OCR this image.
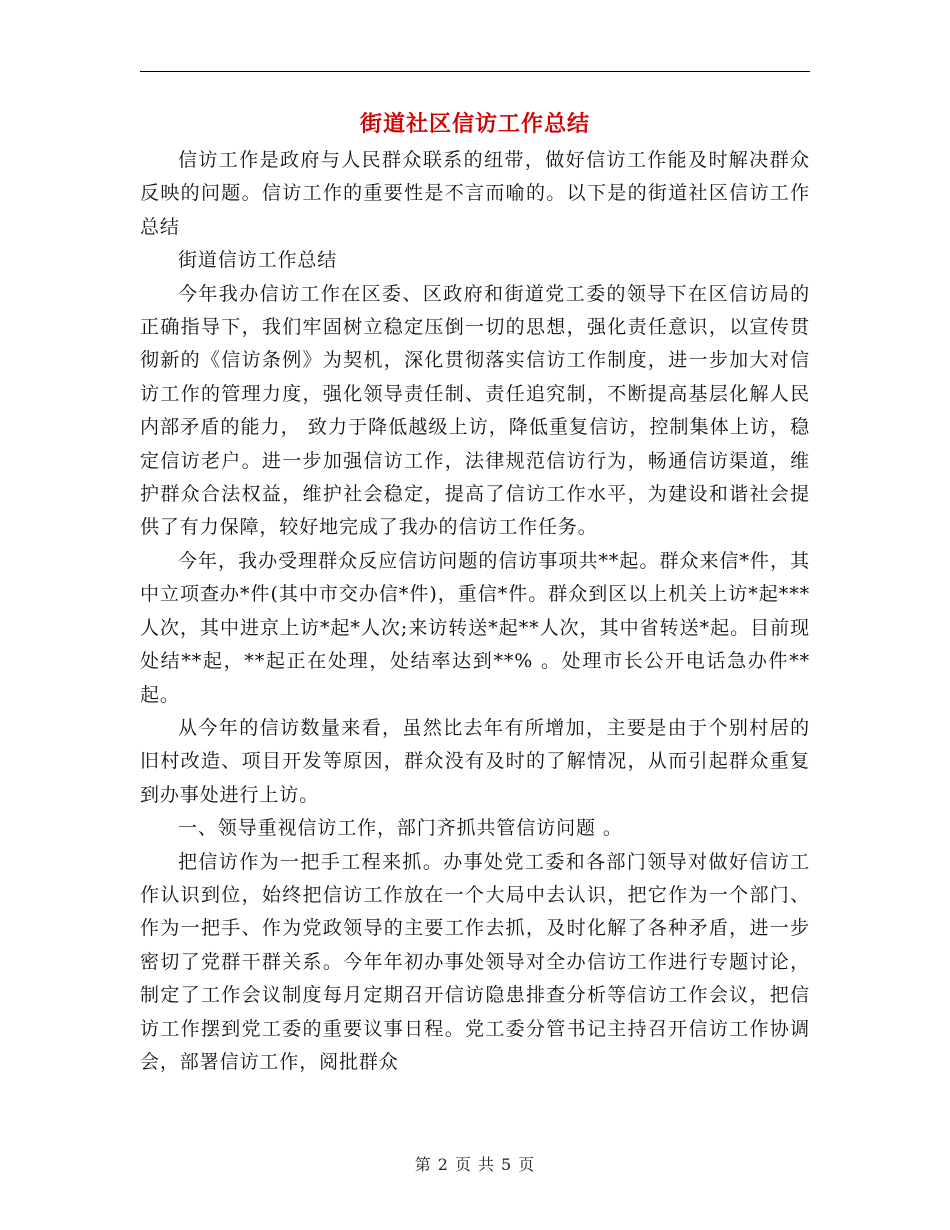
街道社区信访工作总结

信访工作是政府与人民群众联系的纽带，做好信访工作能及时解决群众反映的问题。信访工作的重要性是不言而喻的。以下是的街道社区信访工作总结

街道信访工作总结

今年我办信访工作在区委、区政府和街道党工委的领导下在区信访局的正确指导下，我们牢固树立稳定压倒一切的思想，强化责任意识，以宣传贯彻新的《信访条例》为契机，深化贯彻落实信访工作制度，进一步加大对信访工作的管理力度，强化领导责任制、责任追究制，不断提高基层化解人民内部矛盾的能力， 致力于降低越级上访，降低重复信访，控制集体上访，稳定信访老户。进一步加强信访工作，法律规范信访行为，畅通信访渠道，维护群众合法权益，维护社会稳定，提高了信访工作水平，为建设和谐社会提供了有力保障，较好地完成了我办的信访工作任务。

今年，我办受理群众反应信访问题的信访事项共**起。群众来信*件，其中立项查办*件(其中市交办信*件)，重信*件。群众到区以上机关上访*起***人次，其中进京上访*起*人次;来访转送*起**人次，其中省转送*起。目前现处结**起，**起正在处理，处结率达到**% 。处理市长公开电话急办件**起。

从今年的信访数量来看，虽然比去年有所增加，主要是由于个别村居的旧村改造、项目开发等原因，群众没有及时的了解情况，从而引起群众重复到办事处进行上访。

一、领导重视信访工作，部门齐抓共管信访问题 。

把信访作为一把手工程来抓。办事处党工委和各部门领导对做好信访工作认识到位，始终把信访工作放在一个大局中去认识，把它作为一个部门、作为一把手、作为党政领导的主要工作去抓，及时化解了各种矛盾，进一步密切了党群干群关系。今年年初办事处领导对全办信访工作进行专题讨论，制定了工作会议制度每月定期召开信访隐患排查分析等信访工作会议，把信访工作摆到党工委的重要议事日程。党工委分管书记主持召开信访工作协调会，部署信访工作，阅批群众

第 2 页 共 5 页
